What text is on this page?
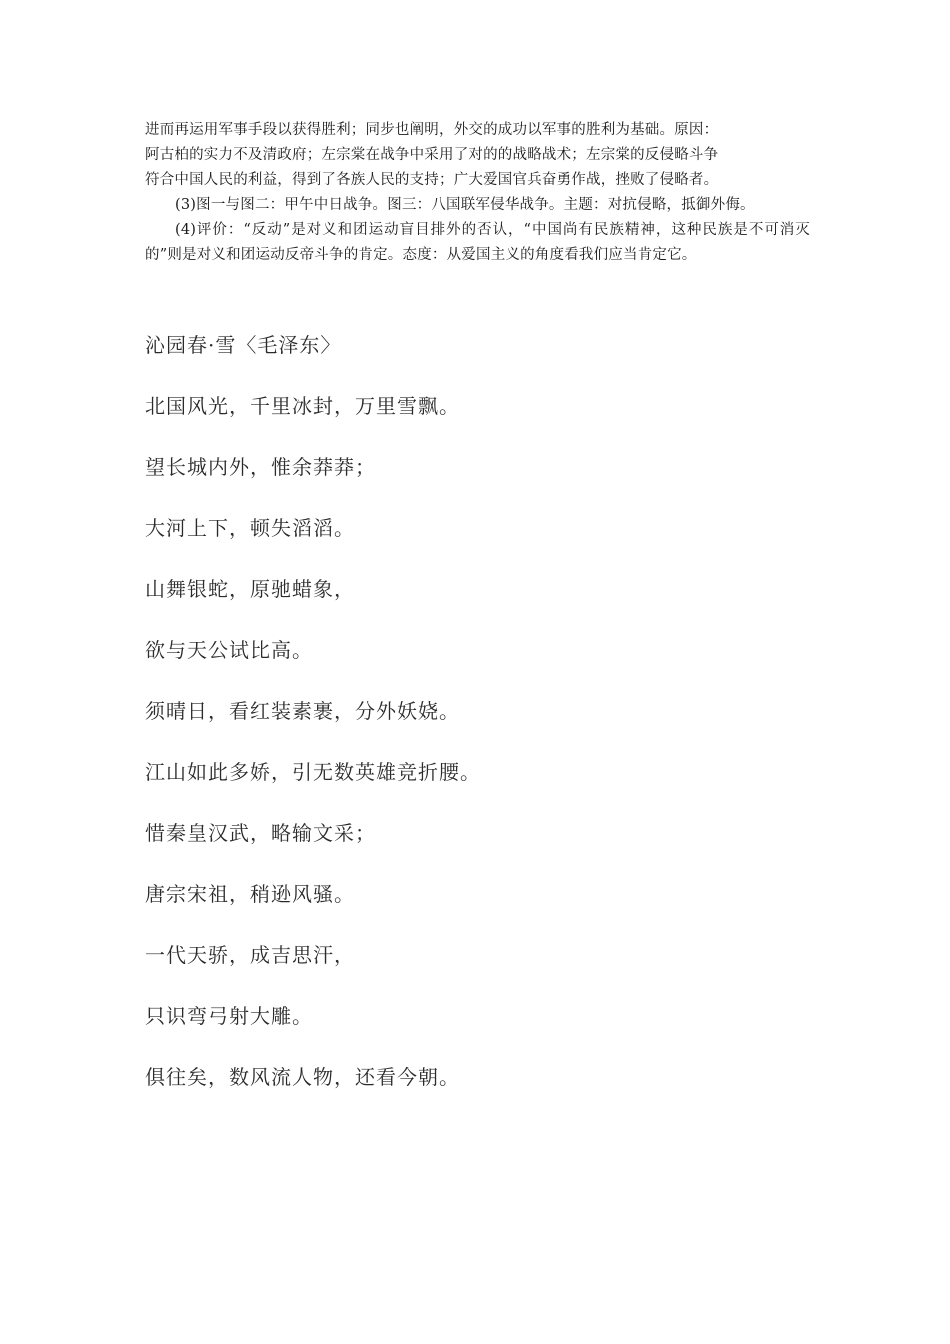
进而再运用军事手段以获得胜利；同步也阐明，外交的成功以军事的胜利为基础。原因：
阿古柏的实力不及清政府；左宗棠在战争中采用了对的的战略战术；左宗棠的反侵略斗争
符合中国人民的利益，得到了各族人民的支持；广大爱国官兵奋勇作战，挫败了侵略者。

(3)图一与图二：甲午中日战争。图三：八国联军侵华战争。主题：对抗侵略，抵御外侮。

(4)评价：“反动”是对义和团运动盲目排外的否认，“中国尚有民族精神，这种民族是不可消灭的”则是对义和团运动反帝斗争的肯定。态度：从爱国主义的角度看我们应当肯定它。

沁园春·雪〈毛泽东〉

北国风光，千里冰封，万里雪飘。
望长城内外，惟余莽莽；
大河上下，顿失滔滔。
山舞银蛇，原驰蜡象，
欲与天公试比高。
须晴日，看红装素裹，分外妖娆。
江山如此多娇，引无数英雄竞折腰。
惜秦皇汉武，略输文采；
唐宗宋祖，稍逊风骚。
一代天骄，成吉思汗，
只识弯弓射大雕。
俱往矣，数风流人物，还看今朝。
